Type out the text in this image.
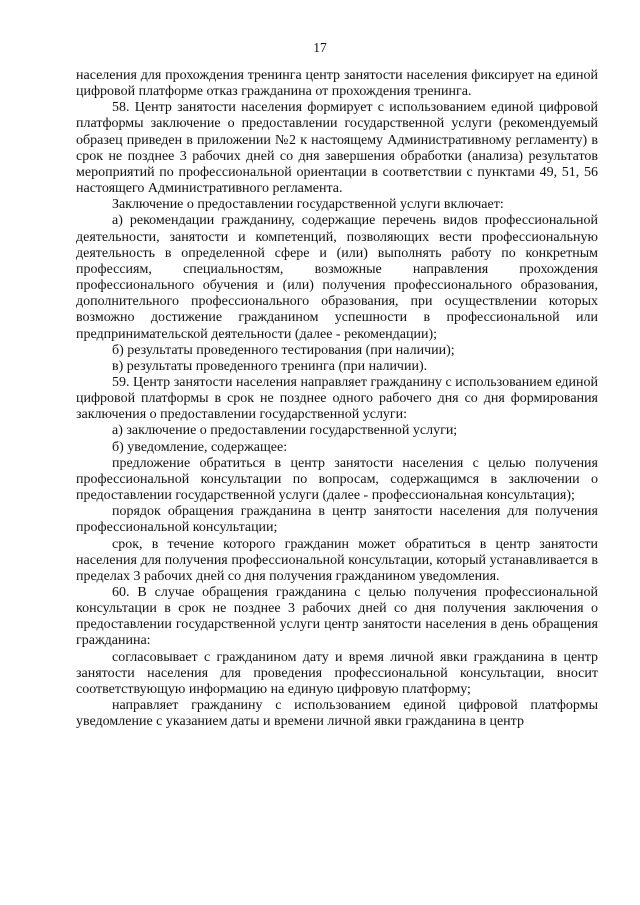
17

населения для прохождения тренинга центр занятости населения фиксирует на единой цифровой платформе отказ гражданина от прохождения тренинга.

58. Центр занятости населения формирует с использованием единой цифровой платформы заключение о предоставлении государственной услуги (рекомендуемый образец приведен в приложении №2 к настоящему Административному регламенту) в срок не позднее 3 рабочих дней со дня завершения обработки (анализа) результатов мероприятий по профессиональной ориентации в соответствии с пунктами 49, 51, 56 настоящего Административного регламента.

Заключение о предоставлении государственной услуги включает:

а) рекомендации гражданину, содержащие перечень видов профессиональной деятельности, занятости и компетенций, позволяющих вести профессиональную деятельность в определенной сфере и (или) выполнять работу по конкретным профессиям, специальностям, возможные направления прохождения профессионального обучения и (или) получения профессионального образования, дополнительного профессионального образования, при осуществлении которых возможно достижение гражданином успешности в профессиональной или предпринимательской деятельности (далее - рекомендации);

б) результаты проведенного тестирования (при наличии);

в) результаты проведенного тренинга (при наличии).

59. Центр занятости населения направляет гражданину с использованием единой цифровой платформы в срок не позднее одного рабочего дня со дня формирования заключения о предоставлении государственной услуги:

а) заключение о предоставлении государственной услуги;

б) уведомление, содержащее:

предложение обратиться в центр занятости населения с целью получения профессиональной консультации по вопросам, содержащимся в заключении о предоставлении государственной услуги (далее - профессиональная консультация);

порядок обращения гражданина в центр занятости населения для получения профессиональной консультации;

срок, в течение которого гражданин может обратиться в центр занятости населения для получения профессиональной консультации, который устанавливается в пределах 3 рабочих дней со дня получения гражданином уведомления.

60. В случае обращения гражданина с целью получения профессиональной консультации в срок не позднее 3 рабочих дней со дня получения заключения о предоставлении государственной услуги центр занятости населения в день обращения гражданина:

согласовывает с гражданином дату и время личной явки гражданина в центр занятости населения для проведения профессиональной консультации, вносит соответствующую информацию на единую цифровую платформу;

направляет гражданину с использованием единой цифровой платформы уведомление с указанием даты и времени личной явки гражданина в центр
